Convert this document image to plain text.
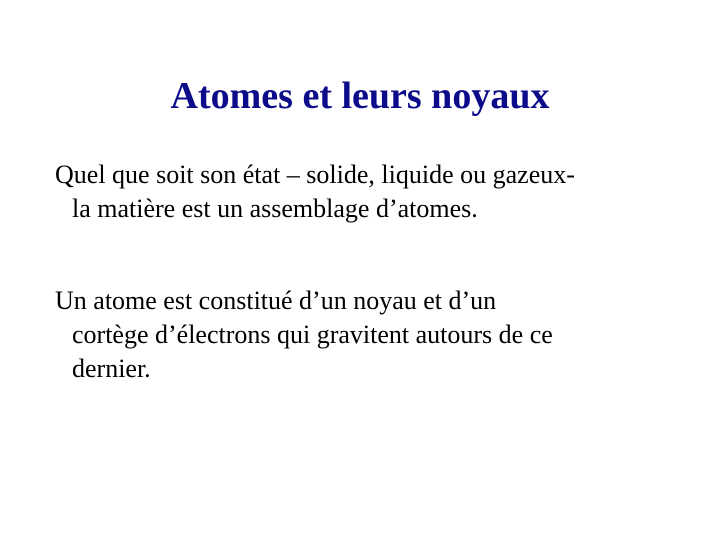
Atomes et leurs noyaux

Quel que soit son état – solide, liquide ou gazeux-
la matière est un assemblage d’atomes.

Un atome est constitué d’un noyau et d’un
cortège d’électrons qui gravitent autours de ce
dernier.
